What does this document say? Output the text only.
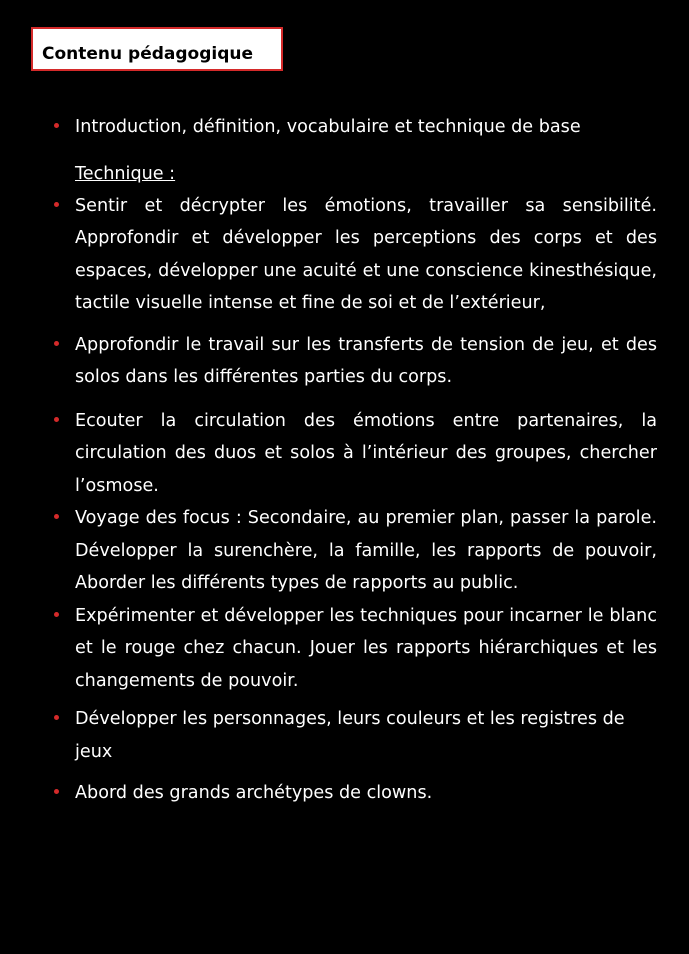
Contenu pédagogique
Introduction, définition, vocabulaire et technique de base
Technique :
Sentir et décrypter les émotions, travailler sa sensibilité. Approfondir et développer les perceptions des corps et des espaces, développer une acuité et une conscience kinesthésique, tactile visuelle intense et fine de soi et de l’extérieur,
Approfondir le travail sur les transferts de tension de jeu, et des solos dans les différentes parties du corps.
Ecouter la circulation des émotions entre partenaires, la circulation des duos et solos à l’intérieur des groupes, chercher l’osmose.
Voyage des focus : Secondaire, au premier plan, passer la parole. Développer la surenchère, la famille, les rapports de pouvoir, Aborder les différents types de rapports au public.
Expérimenter et développer les techniques pour incarner le blanc et le rouge chez chacun. Jouer les rapports hiérarchiques et les changements de pouvoir.
Développer les personnages, leurs couleurs et les registres de jeux
Abord des grands archétypes de clowns.
